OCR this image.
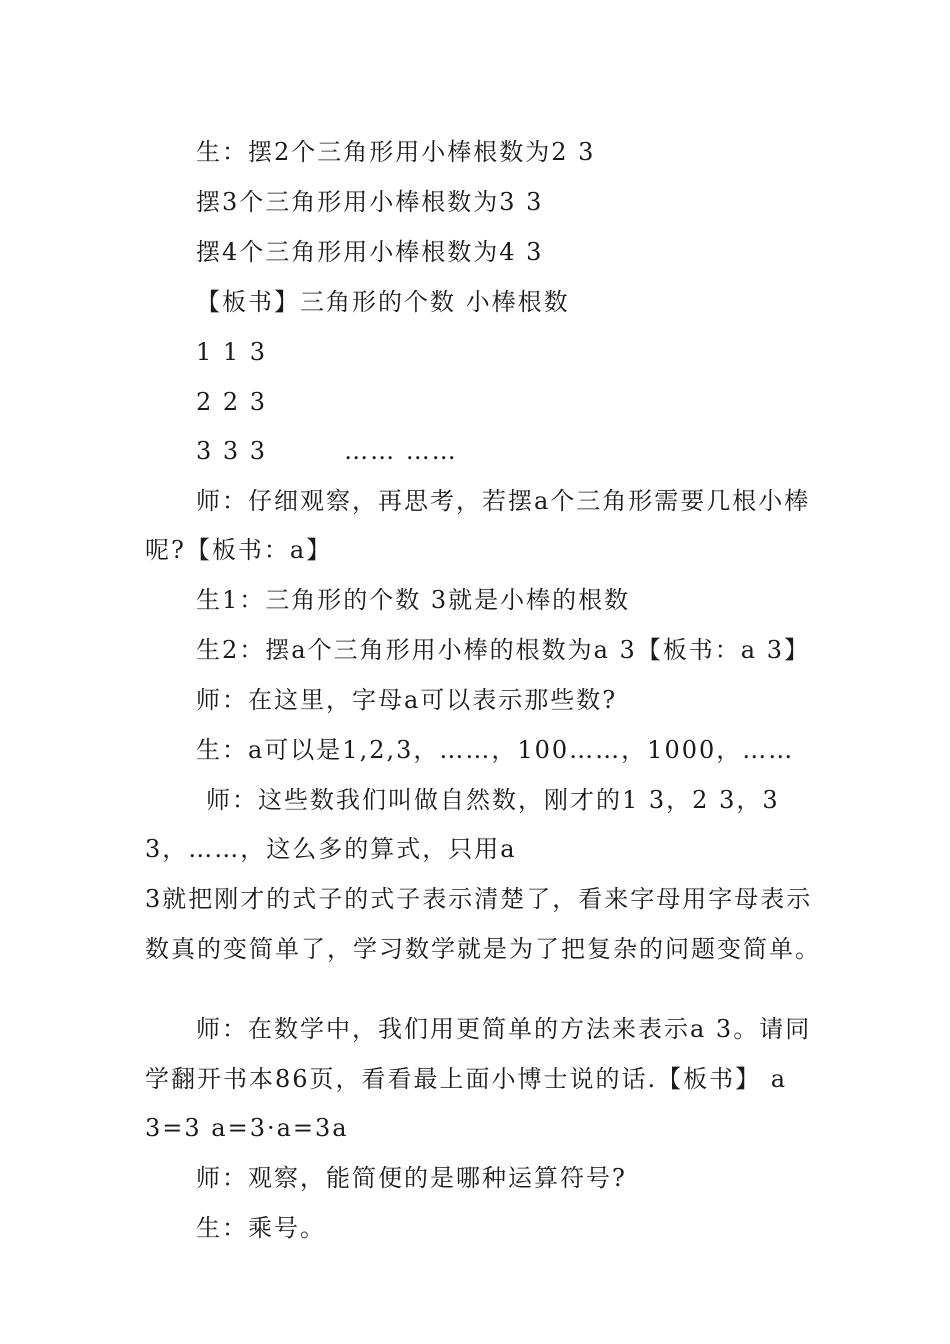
生：摆2个三角形用小棒根数为2 3
摆3个三角形用小棒根数为3 3
摆4个三角形用小棒根数为4 3
【板书】三角形的个数 小棒根数
1 1 3
2 2 3
3 3 3        …… ……
师：仔细观察，再思考，若摆a个三角形需要几根小棒
呢?【板书：a】
生1：三角形的个数 3就是小棒的根数
生2：摆a个三角形用小棒的根数为a 3【板书：a 3】
师：在这里，字母a可以表示那些数?
生：a可以是1,2,3，……，100……，1000，……
师：这些数我们叫做自然数，刚才的1 3，2 3，3
3，……，这么多的算式，只用a
3就把刚才的式子的式子表示清楚了，看来字母用字母表示
数真的变简单了，学习数学就是为了把复杂的问题变简单。
师：在数学中，我们用更简单的方法来表示a 3。请同
学翻开书本86页，看看最上面小博士说的话.【板书】 a
3=3 a=3·a=3a
师：观察，能简便的是哪种运算符号?
生：乘号。
